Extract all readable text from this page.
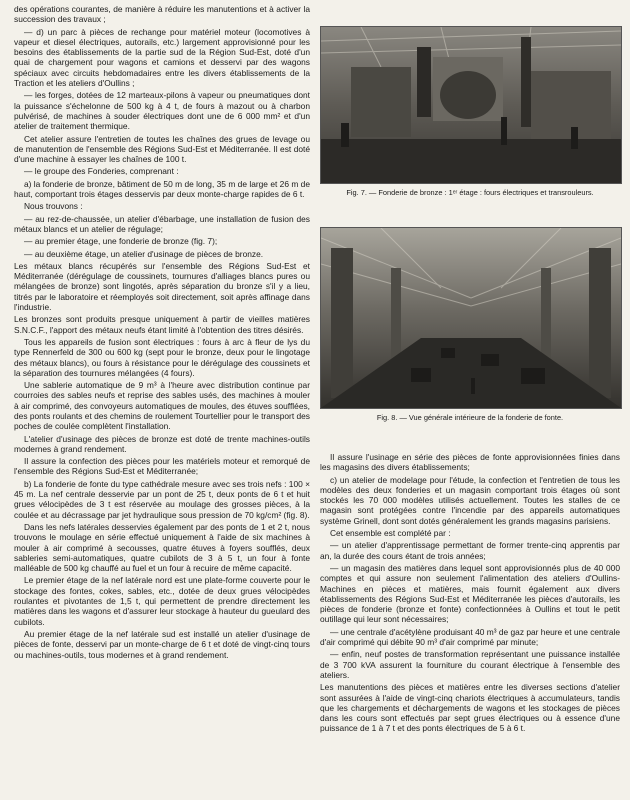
des opérations courantes, de manière à réduire les manutentions et à activer la succession des travaux ;

— d) un parc à pièces de rechange pour matériel moteur (locomotives à vapeur et diesel électriques, autorails, etc.) largement approvisionné pour les besoins des établissements de la partie sud de la Région Sud-Est, doté d'un quai de chargement pour wagons et camions et desservi par des wagons spéciaux avec circuits hebdomadaires entre les divers établissements de la Traction et les ateliers d'Oullins ;

— les forges, dotées de 12 marteaux-pilons à vapeur ou pneumatiques dont la puissance s'échelonne de 500 kg à 4 t, de fours à mazout ou à charbon pulvérisé, de machines à souder électriques dont une de 6 000 mm² et d'un atelier de traitement thermique.

Cet atelier assure l'entretien de toutes les chaînes des grues de levage ou de manutention de l'ensemble des Régions Sud-Est et Méditerranée. Il est doté d'une machine à essayer les chaînes de 100 t.

— le groupe des Fonderies, comprenant :

a) la fonderie de bronze, bâtiment de 50 m de long, 35 m de large et 26 m de haut, comportant trois étages desservis par deux monte-charge rapides de 6 t.

Nous trouvons :

— au rez-de-chaussée, un atelier d'ébarbage, une installation de fusion des métaux blancs et un atelier de régulage;

— au premier étage, une fonderie de bronze (fig. 7);

— au deuxième étage, un atelier d'usinage de pièces de bronze.

Les métaux blancs récupérés sur l'ensemble des Régions Sud-Est et Méditerranée (dérégulage de coussinets, tournures d'alliages blancs pures ou mélangées de bronze) sont lingotés, après séparation du bronze s'il y a lieu, titrés par le laboratoire et réemployés soit directement, soit après affinage dans l'industrie.

Les bronzes sont produits presque uniquement à partir de vieilles matières S.N.C.F., l'apport des métaux neufs étant limité à l'obtention des titres désirés.

Tous les appareils de fusion sont électriques : fours à arc à fleur de lys du type Rennerfeld de 300 ou 600 kg (sept pour le bronze, deux pour le lingotage des métaux blancs), ou fours à résistance pour le dérégulage des coussinets et la séparation des tournures mélangées (4 fours).

Une sablerie automatique de 9 m³ à l'heure avec distribution continue par courroies des sables neufs et reprise des sables usés, des machines à mouler à air comprimé, des convoyeurs automatiques de moules, des étuves soufflées, des ponts roulants et des chemins de roulement Tourtellier pour le transport des poches de coulée complètent l'installation.

L'atelier d'usinage des pièces de bronze est doté de trente machines-outils modernes à grand rendement.

Il assure la confection des pièces pour les matériels moteur et remorqué de l'ensemble des Régions Sud-Est et Méditerranée;

b) La fonderie de fonte du type cathédrale mesure avec ses trois nefs : 100 × 45 m. La nef centrale desservie par un pont de 25 t, deux ponts de 6 t et huit grues vélocipèdes de 3 t est réservée au moulage des grosses pièces, à la coulée et au décrassage par jet hydraulique sous pression de 70 kg/cm² (fig. 8).

Dans les nefs latérales desservies également par des ponts de 1 et 2 t, nous trouvons le moulage en série effectué uniquement à l'aide de six machines à mouler à air comprimé à secousses, quatre étuves à foyers soufflés, deux sableries semi-automatiques, quatre cubilots de 3 à 5 t, un four à fonte malléable de 500 kg chauffé au fuel et un four à recuire de même capacité.

Le premier étage de la nef latérale nord est une plate-forme couverte pour le stockage des fontes, cokes, sables, etc., dotée de deux grues vélocipèdes roulantes et pivotantes de 1,5 t, qui permettent de prendre directement les matières dans les wagons et d'assurer leur stockage à hauteur du gueulard des cubilots.

Au premier étage de la nef latérale sud est installé un atelier d'usinage de pièces de fonte, desservi par un monte-charge de 6 t et doté de vingt-cinq tours ou machines-outils, tous modernes et à grand rendement.

Fig. 7. — Fonderie de bronze : 1ᵉʳ étage : fours électriques et transrouleurs.

Fig. 8. — Vue générale intérieure de la fonderie de fonte.

Il assure l'usinage en série des pièces de fonte approvisionnées finies dans les magasins des divers établissements;

c) un atelier de modelage pour l'étude, la confection et l'entretien de tous les modèles des deux fonderies et un magasin comportant trois étages où sont stockés les 70 000 modèles utilisés actuellement. Toutes les stalles de ce magasin sont protégées contre l'incendie par des appareils automatiques système Grinell, dont sont dotés généralement les grands magasins parisiens.

Cet ensemble est complété par :

— un atelier d'apprentissage permettant de former trente-cinq apprentis par an, la durée des cours étant de trois années;

— un magasin des matières dans lequel sont approvisionnés plus de 40 000 comptes et qui assure non seulement l'alimentation des ateliers d'Oullins-Machines en pièces et matières, mais fournit également aux divers établissements des Régions Sud-Est et Méditerranée les pièces d'autorails, les pièces de fonderie (bronze et fonte) confectionnées à Oullins et tout le petit outillage qui leur sont nécessaires;

— une centrale d'acétylène produisant 40 m³ de gaz par heure et une centrale d'air comprimé qui débite 90 m³ d'air comprimé par minute;

— enfin, neuf postes de transformation représentant une puissance installée de 3 700 kVA assurent la fourniture du courant électrique à l'ensemble des ateliers.

Les manutentions des pièces et matières entre les diverses sections d'atelier sont assurées à l'aide de vingt-cinq chariots électriques à accumulateurs, tandis que les chargements et déchargements de wagons et les stockages de pièces dans les cours sont effectués par sept grues électriques ou à essence d'une puissance de 1 à 7 t et des ponts électriques de 5 à 6 t.
